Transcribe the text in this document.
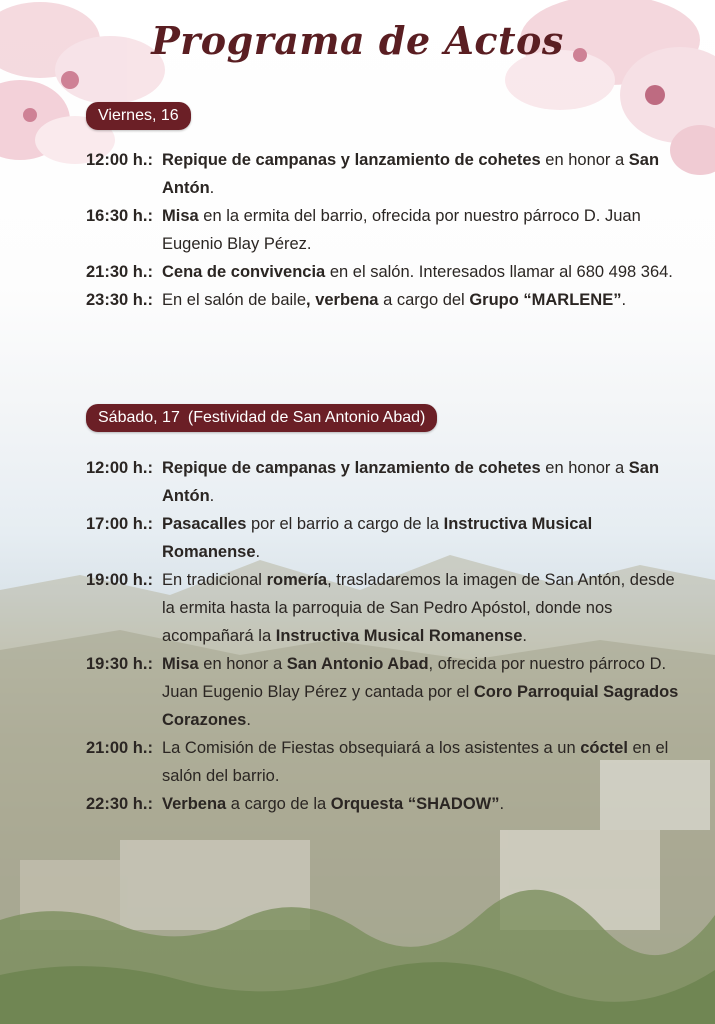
Programa de Actos
Viernes, 16
12:00 h.: Repique de campanas y lanzamiento de cohetes en honor a San Antón.
16:30 h.: Misa en la ermita del barrio, ofrecida por nuestro párroco D. Juan Eugenio Blay Pérez.
21:30 h.: Cena de convivencia en el salón. Interesados llamar al 680 498 364.
23:30 h.: En el salón de baile, verbena a cargo del Grupo “MARLENE”.
Sábado, 17 (Festividad de San Antonio Abad)
12:00 h.: Repique de campanas y lanzamiento de cohetes en honor a San Antón.
17:00 h.: Pasacalles por el barrio a cargo de la Instructiva Musical Romanense.
19:00 h.: En tradicional romería, trasladaremos la imagen de San Antón, desde la ermita hasta la parroquia de San Pedro Apóstol, donde nos acompañará la Instructiva Musical Romanense.
19:30 h.: Misa en honor a San Antonio Abad, ofrecida por nuestro párroco D. Juan Eugenio Blay Pérez y cantada por el Coro Parroquial Sagrados Corazones.
21:00 h.: La Comisión de Fiestas obsequiará a los asistentes a un cóctel en el salón del barrio.
22:30 h.: Verbena a cargo de la Orquesta “SHADOW”.
